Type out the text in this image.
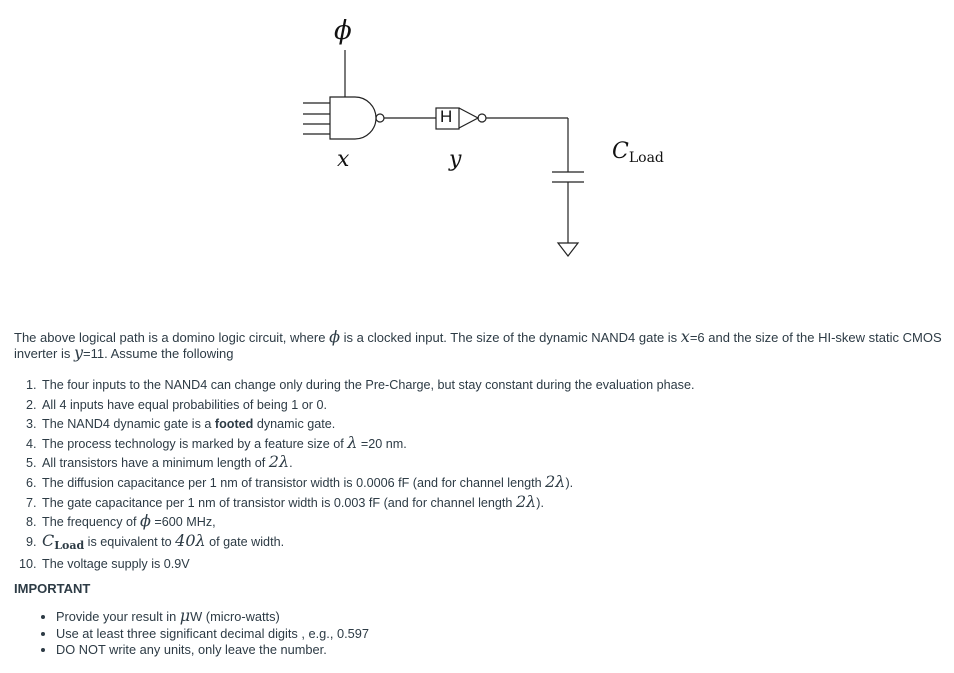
ϕ
H
x	y	CLoad

The above logical path is a domino logic circuit, where ϕ is a clocked input. The size of the dynamic NAND4 gate is x=6 and the size of the HI-skew static CMOS inverter is y=11. Assume the following

1. The four inputs to the NAND4 can change only during the Pre-Charge, but stay constant during the evaluation phase.
2. All 4 inputs have equal probabilities of being 1 or 0.
3. The NAND4 dynamic gate is a footed dynamic gate.
4. The process technology is marked by a feature size of λ =20 nm.
5. All transistors have a minimum length of 2λ.
6. The diffusion capacitance per 1 nm of transistor width is 0.0006 fF (and for channel length 2λ).
7. The gate capacitance per 1 nm of transistor width is 0.003 fF (and for channel length 2λ).
8. The frequency of ϕ =600 MHz,
9. CLoad is equivalent to 40λ of gate width.
10. The voltage supply is 0.9V

IMPORTANT

• Provide your result in μW (micro-watts)
• Use at least three significant decimal digits , e.g., 0.597
• DO NOT write any units, only leave the number.
